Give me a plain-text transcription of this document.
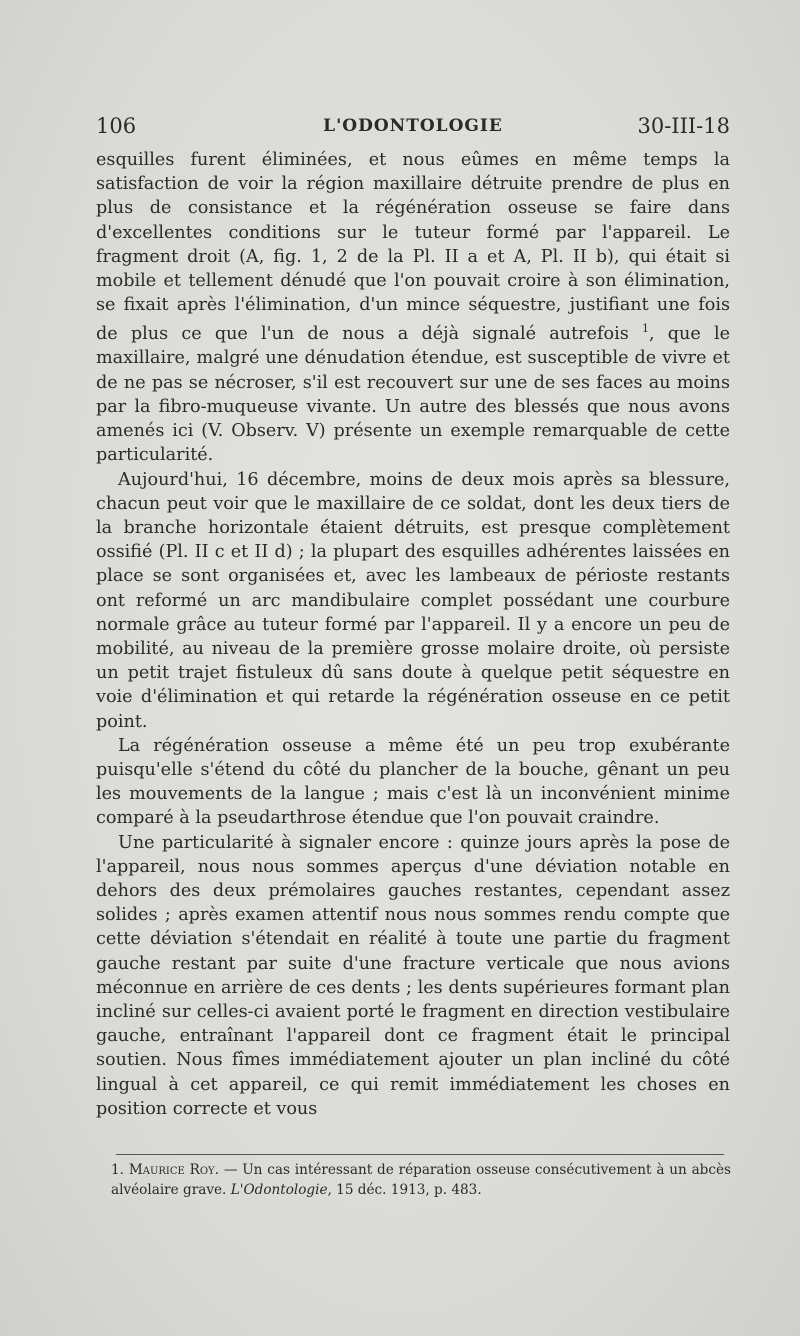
106	L'ODONTOLOGIE	30-III-18

esquilles furent éliminées, et nous eûmes en même temps la satisfaction de voir la région maxillaire détruite prendre de plus en plus de consistance et la régénération osseuse se faire dans d'excellentes conditions sur le tuteur formé par l'appareil. Le fragment droit (A, fig. 1, 2 de la Pl. II a et A, Pl. II b), qui était si mobile et tellement dénudé que l'on pouvait croire à son élimination, se fixait après l'élimination, d'un mince séquestre, justifiant une fois de plus ce que l'un de nous a déjà signalé autrefois $^1$, que le maxillaire, malgré une dénudation étendue, est susceptible de vivre et de ne pas se nécroser, s'il est recouvert sur une de ses faces au moins par la fibro-muqueuse vivante. Un autre des blessés que nous avons amenés ici (V. Observ. V) présente un exemple remarquable de cette particularité.

Aujourd'hui, 16 décembre, moins de deux mois après sa blessure, chacun peut voir que le maxillaire de ce soldat, dont les deux tiers de la branche horizontale étaient détruits, est presque complètement ossifié (Pl. II c et II d) ; la plupart des esquilles adhérentes laissées en place se sont organisées et, avec les lambeaux de périoste restants ont reformé un arc mandibulaire complet possédant une courbure normale grâce au tuteur formé par l'appareil. Il y a encore un peu de mobilité, au niveau de la première grosse molaire droite, où persiste un petit trajet fistuleux dû sans doute à quelque petit séquestre en voie d'élimination et qui retarde la régénération osseuse en ce petit point.

La régénération osseuse a même été un peu trop exubérante puisqu'elle s'étend du côté du plancher de la bouche, gênant un peu les mouvements de la langue ; mais c'est là un inconvénient minime comparé à la pseudarthrose étendue que l'on pouvait craindre.

Une particularité à signaler encore : quinze jours après la pose de l'appareil, nous nous sommes aperçus d'une déviation notable en dehors des deux prémolaires gauches restantes, cependant assez solides ; après examen attentif nous nous sommes rendu compte que cette déviation s'étendait en réalité à toute une partie du fragment gauche restant par suite d'une fracture verticale que nous avions méconnue en arrière de ces dents ; les dents supérieures formant plan incliné sur celles-ci avaient porté le fragment en direction vestibulaire gauche, entraînant l'appareil dont ce fragment était le principal soutien. Nous fîmes immédiatement ajouter un plan incliné du côté lingual à cet appareil, ce qui remit immédiatement les choses en position correcte et vous

1. Maurice Roy. — Un cas intéressant de réparation osseuse consécutivement à un abcès alvéolaire grave. L'Odontologie, 15 déc. 1913, p. 483.
